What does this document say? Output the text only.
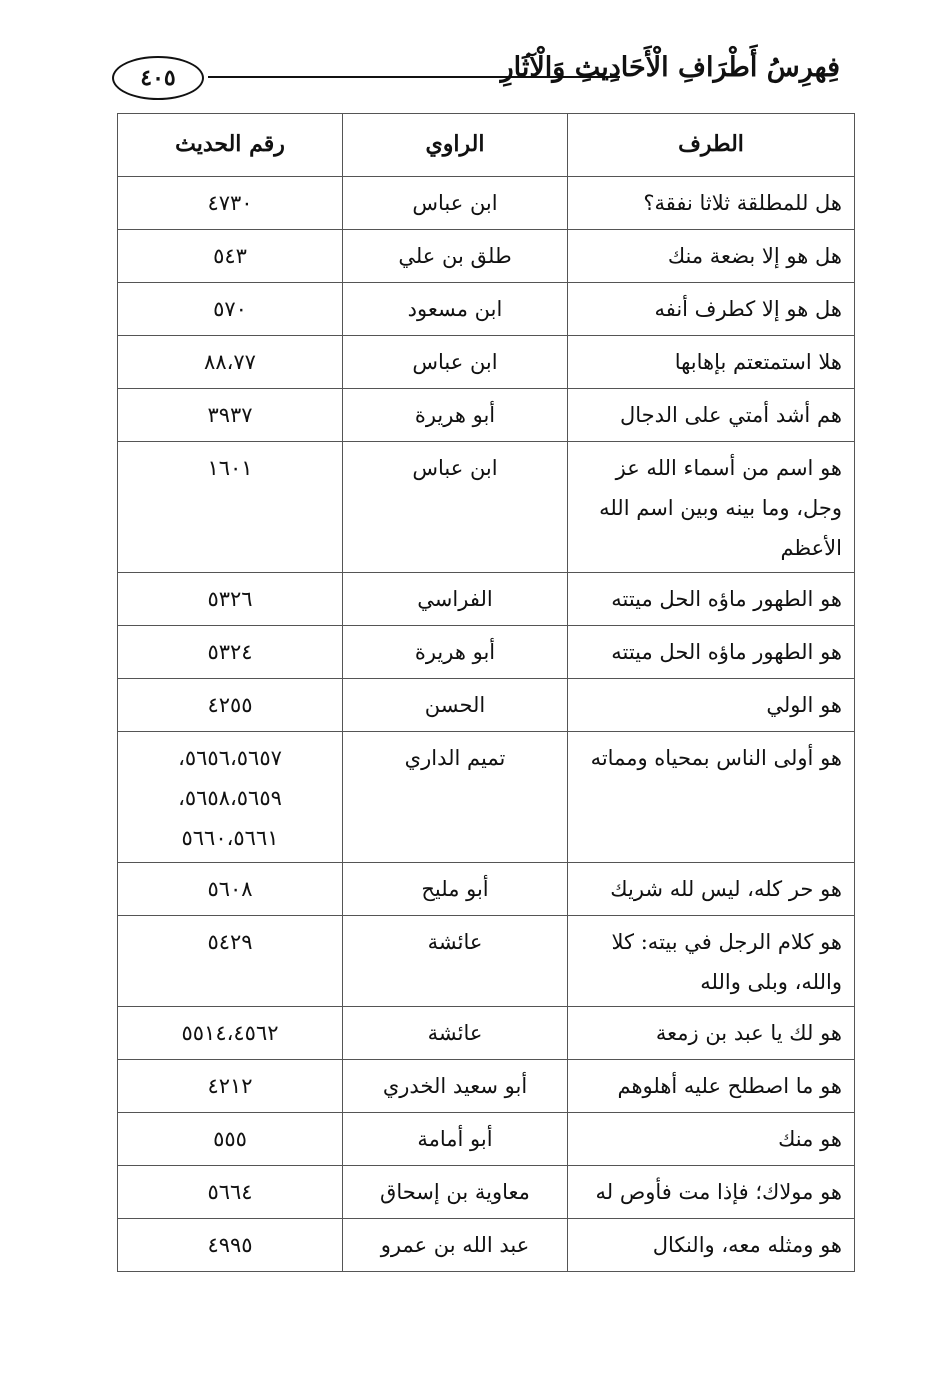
٤٠٥	فِهرِسُ أَطْرَافِ الْأَحَادِيثِ وَالْآثَارِ
الطرف	الراوي	رقم الحديث
هل للمطلقة ثلاثا نفقة؟	ابن عباس	٤٧٣٠

هل هو إلا بضعة منك	طلق بن علي	٥٤٣

هل هو إلا كطرف أنفه	ابن مسعود	٥٧٠

هلا استمتعتم بإهابها	ابن عباس	٨٨،٧٧

هم أشد أمتي على الدجال	أبو هريرة	٣٩٣٧

هو اسم من أسماء الله عز وجل، وما بينه وبين اسم الله الأعظم	ابن عباس	١٦٠١

هو الطهور ماؤه الحل ميتته	الفراسي	٥٣٢٦

هو الطهور ماؤه الحل ميتته	أبو هريرة	٥٣٢٤

هو الولي	الحسن	٤٢٥٥

هو أولى الناس بمحياه ومماته	تميم الداري	٥٦٥٦،٥٦٥٧،
٥٦٥٨،٥٦٥٩،
٥٦٦٠،٥٦٦١

هو حر كله، ليس لله شريك	أبو مليح	٥٦٠٨

هو كلام الرجل في بيته: كلا والله، وبلى والله	عائشة	٥٤٢٩

هو لك يا عبد بن زمعة	عائشة	٥٥١٤،٤٥٦٢

هو ما اصطلح عليه أهلوهم	أبو سعيد الخدري	٤٢١٢

هو منك	أبو أمامة	٥٥٥

هو مولاك؛ فإذا مت فأوص له	معاوية بن إسحاق	٥٦٦٤

هو ومثله معه، والنكال	عبد الله بن عمرو	٤٩٩٥
